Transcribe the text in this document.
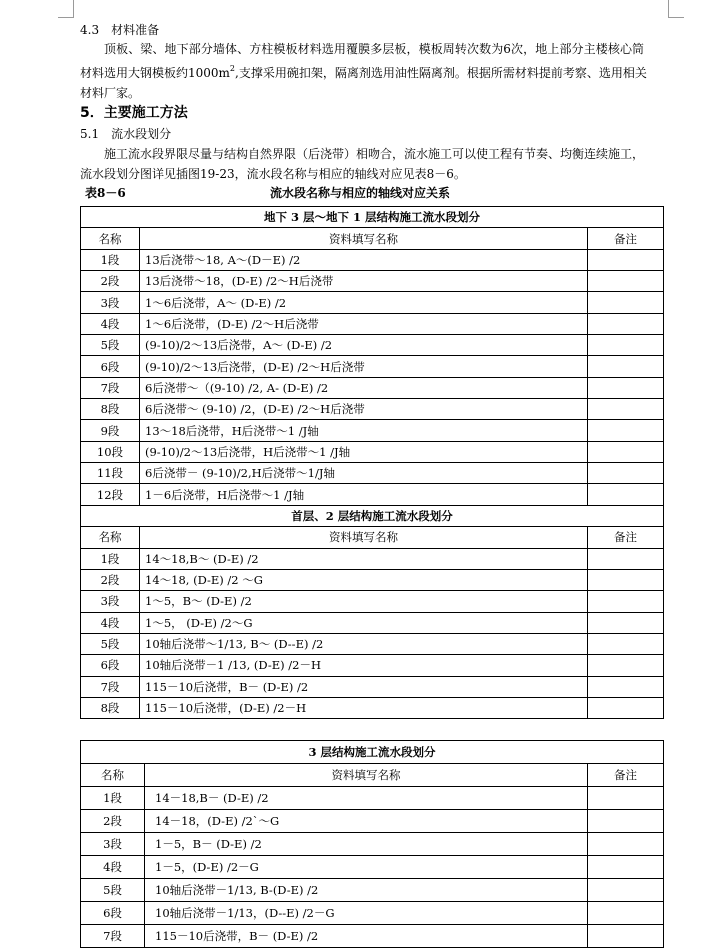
4.3　材料准备
顶板、梁、地下部分墙体、方柱模板材料选用覆膜多层板，模板周转次数为6次，地上部分主楼核心筒
材料选用大钢模板约$1000m^2$,支撑采用碗扣架，隔离剂选用油性隔离剂。根据所需材料提前考察、选用相关
材料厂家。
5．主要施工方法
5.1　流水段划分
施工流水段界限尽量与结构自然界限（后浇带）相吻合，流水施工可以使工程有节奏、均衡连续施工，
流水段划分图详见插图19-23，流水段名称与相应的轴线对应见表8－6。
表8－6	流水段名称与相应的轴线对应关系
地下 3 层～地下 1 层结构施工流水段划分		
名称	资料填写名称	备注
1段	13后浇带～18, A～(D－E) /2	
2段	13后浇带～18，(D-E) /2～H后浇带	
3段	1～6后浇带，A～ (D-E) /2	
4段	1～6后浇带，(D-E) /2～H后浇带	
5段	(9-10)/2～13后浇带，A～ (D-E) /2	
6段	(9-10)/2～13后浇带，(D-E) /2～H后浇带	
7段	6后浇带～（(9-10) /2, A- (D-E) /2	
8段	6后浇带～ (9-10) /2，(D-E) /2～H后浇带	
9段	13～18后浇带，H后浇带～1 /J轴	
10段	(9-10)/2～13后浇带，H后浇带～1 /J轴	
11段	6后浇带－ (9-10)/2,H后浇带～1/J轴	
12段	1－6后浇带，H后浇带～1 /J轴	
首层、2 层结构施工流水段划分		
名称	资料填写名称	备注
1段	14～18,B～ (D-E) /2	
2段	14～18, (D-E) /2 ～G	
3段	1～5，B～ (D-E) /2	
4段	1～5， (D-E) /2～G	
5段	10轴后浇带～1/13, B～ (D--E) /2	
6段	10轴后浇带－1 /13, (D-E) /2－H	
7段	115－10后浇带，B－ (D-E) /2	
8段	115－10后浇带，(D-E) /2－H	
3 层结构施工流水段划分		
名称	资料填写名称	备注
1段	14－18,B－ (D-E) /2	
2段	14－18，(D-E) /2`～G	
3段	1－5，B－ (D-E) /2	
4段	1－5，(D-E) /2－G	
5段	10轴后浇带－1/13, B-(D-E) /2	
6段	10轴后浇带－1/13，(D--E) /2－G	
7段	115－10后浇带，B－ (D-E) /2	
